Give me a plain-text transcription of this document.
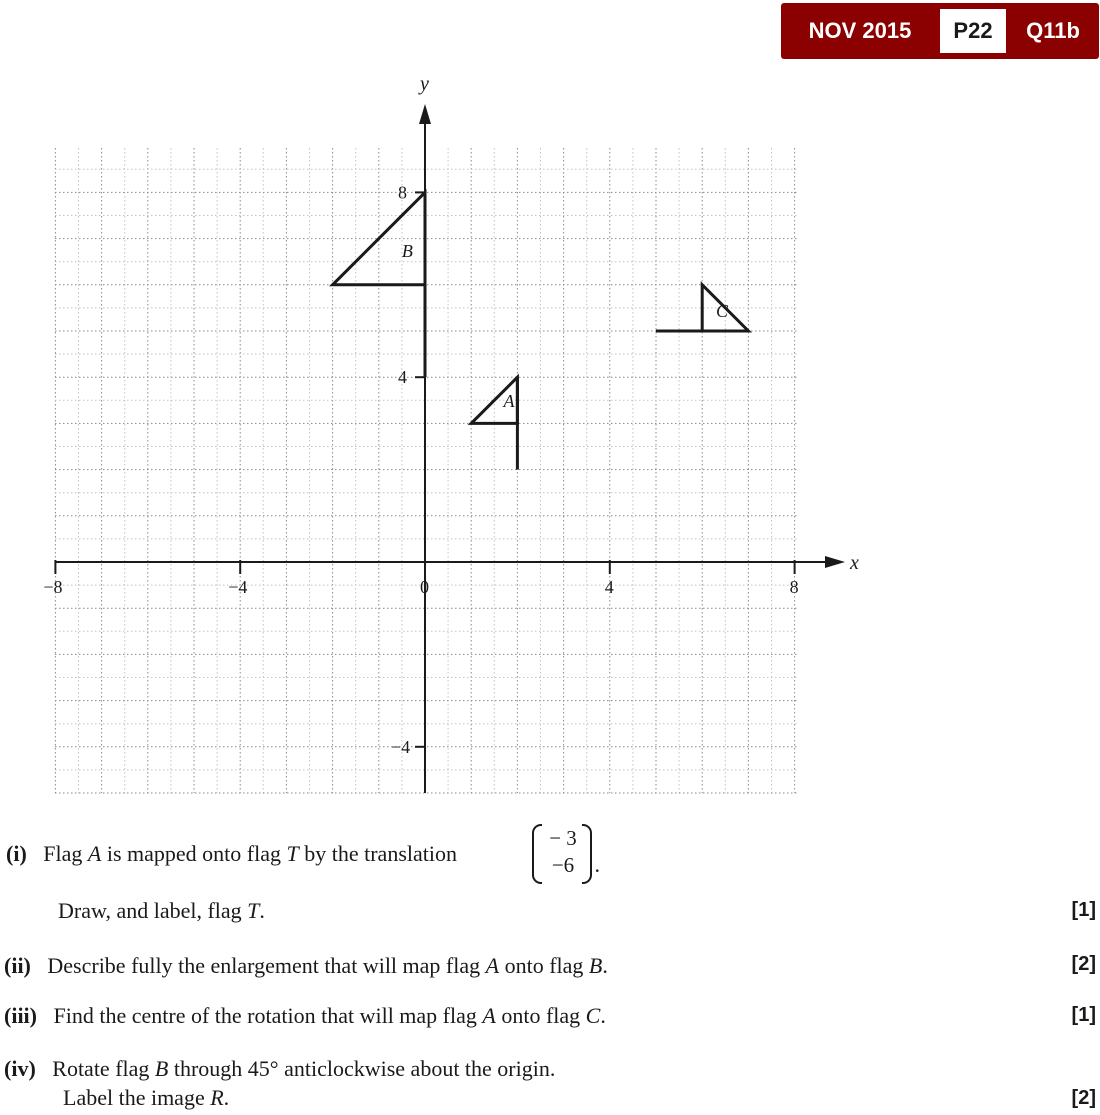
NOV 2015	P22	Q11b
x
y
−8	−4	0	4	8
8
4
−4
B
A
C
(i) Flag A is mapped onto flag T by the translation
− 3
−6 .
Draw, and label, flag T.	[1]
(ii) Describe fully the enlargement that will map flag A onto flag B.	[2]
(iii) Find the centre of the rotation that will map flag A onto flag C.	[1]
(iv) Rotate flag B through 45° anticlockwise about the origin.
Label the image R.	[2]
